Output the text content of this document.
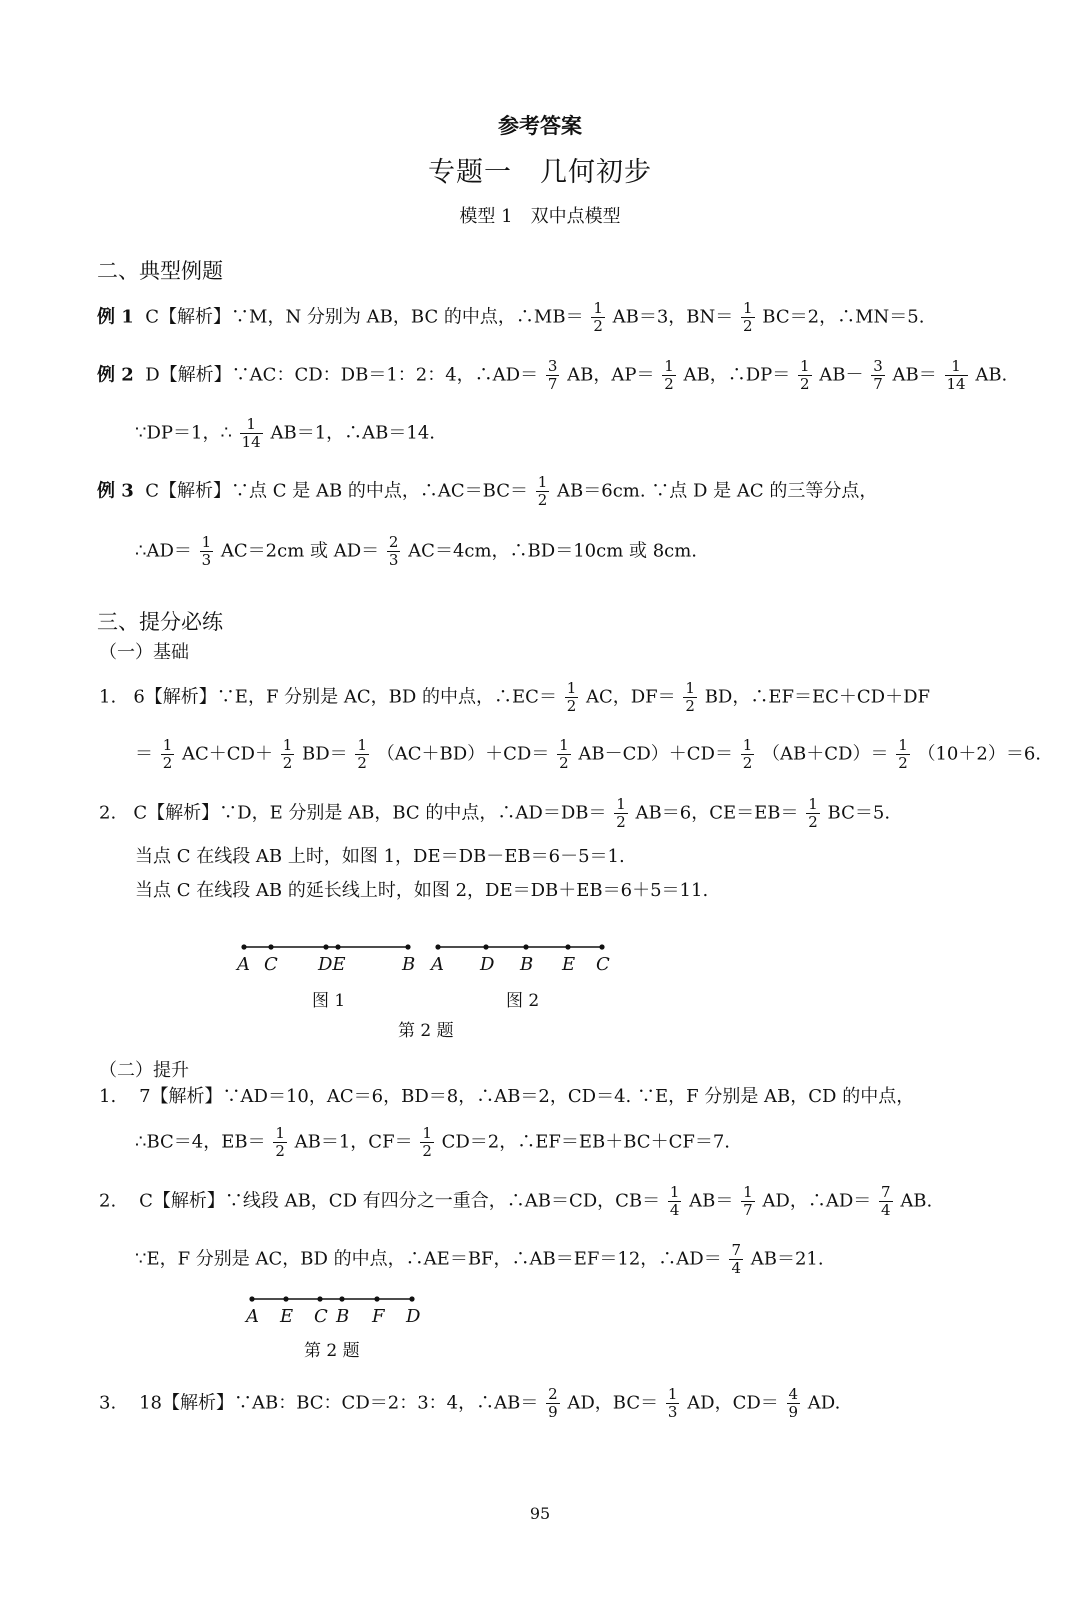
参考答案
专题一　几何初步
模型 1　双中点模型
二、典型例题
例 1 C【解析】∵M，N 分别为 AB，BC 的中点，∴MB＝ $\frac{1}{2} AB=3$，$BN= \frac{1}{2} BC=2$，∴MN＝5.
例 2 D【解析】∵AC：CD：DB＝1：2：4，∴AD＝ $\frac{3}{7}$ AB，$AP= \frac{1}{2}$ AB，∴DP＝ $\frac{1}{2} AB- \frac{3}{7} AB= \frac{1}{14}$ AB.
∵DP＝1，∴ $\frac{1}{14} AB=1$，∴AB＝14.
例 3 C【解析】∵点 C 是 AB 的中点，∴AC＝BC＝ $\frac{1}{2} AB=6cm$. ∵点 D 是 AC 的三等分点，
∴AD＝ $\frac{1}{3} AC=2cm$ 或 $AD= \frac{2}{3} AC=4cm$，∴BD＝10cm 或 8cm.
三、提分必练
（一）基础
1. 6【解析】∵E，F 分别是 AC，BD 的中点，∴EC＝ $\frac{1}{2}$ AC，$DF= \frac{1}{2}$ BD，∴EF＝EC＋CD＋DF
＝ $\frac{1}{2} AC+CD+ \frac{1}{2} BD= \frac{1}{2} (AC+BD)+CD= \frac{1}{2} AB-CD)+CD= \frac{1}{2} (AB+CD)= \frac{1}{2} (10+2)=6$.
2. C【解析】∵D，E 分别是 AB，BC 的中点，∴AD＝DB＝ $\frac{1}{2} AB=6$，$CE=EB= \frac{1}{2} BC=5$.
当点 C 在线段 AB 上时，如图 1，DE＝DB－EB＝6－5＝1.
当点 C 在线段 AB 的延长线上时，如图 2，DE＝DB＋EB＝6＋5＝11.
A C DE	B
图 1
A D B E C
图 2
第 2 题
（二）提升
1. 7【解析】∵AD＝10，AC＝6，BD＝8，∴AB＝2，CD＝4. ∵E，F 分别是 AB，CD 的中点，
∴BC＝4，$EB= \frac{1}{2} AB=1$，$CF= \frac{1}{2} CD=2$，∴EF＝EB＋BC＋CF＝7.
2. C【解析】∵线段 AB，CD 有四分之一重合，∴AB＝CD，$CB= \frac{1}{4} AB= \frac{1}{7}$ AD，∴AD＝ $\frac{7}{4}$ AB.
∵E，F 分别是 AC，BD 的中点，∴AE＝BF，∴AB＝EF＝12，∴AD＝ $\frac{7}{4} AB=21$.
A E C B F D
第 2 题
3. 18【解析】∵AB：BC：CD＝2：3：4，∴AB＝ $\frac{2}{9}$ AD，$BC= \frac{1}{3}$ AD，$CD= \frac{4}{9}$ AD.
95
